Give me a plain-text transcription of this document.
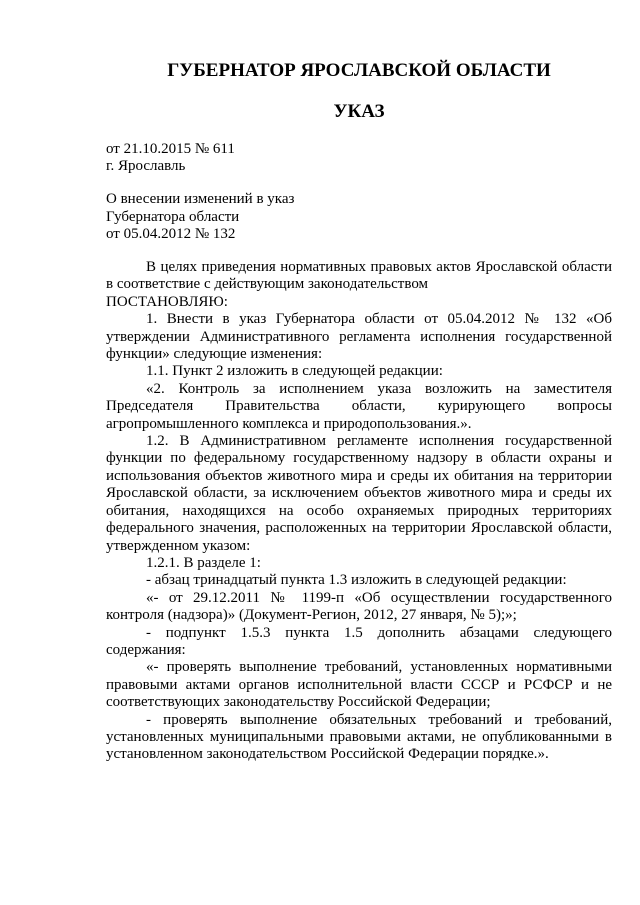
ГУБЕРНАТОР ЯРОСЛАВСКОЙ ОБЛАСТИ
УКАЗ

от 21.10.2015 № 611

г. Ярославль

О внесении изменений в указ
Губернатора области
от 05.04.2012 № 132

В целях приведения нормативных правовых актов Ярославской области в соответствие с действующим законодательством

ПОСТАНОВЛЯЮ:

1. Внести в указ Губернатора области от 05.04.2012 № 132 «Об утверждении Административного регламента исполнения государственной функции» следующие изменения:

1.1. Пункт 2 изложить в следующей редакции:

«2. Контроль за исполнением указа возложить на заместителя Председателя Правительства области, курирующего вопросы агропромышленного комплекса и природопользования.».

1.2. В Административном регламенте исполнения государственной функции по федеральному государственному надзору в области охраны и использования объектов животного мира и среды их обитания на территории Ярославской области, за исключением объектов животного мира и среды их обитания, находящихся на особо охраняемых природных территориях федерального значения, расположенных на территории Ярославской области, утвержденном указом:

1.2.1. В разделе 1:

- абзац тринадцатый пункта 1.3 изложить в следующей редакции:

«- от 29.12.2011 № 1199-п «Об осуществлении государственного контроля (надзора)» (Документ-Регион, 2012, 27 января, № 5);»;

- подпункт 1.5.3 пункта 1.5 дополнить абзацами следующего содержания:

«- проверять выполнение требований, установленных нормативными правовыми актами органов исполнительной власти СССР и РСФСР и не соответствующих законодательству Российской Федерации;

- проверять выполнение обязательных требований и требований, установленных муниципальными правовыми актами, не опубликованными в установленном законодательством Российской Федерации порядке.».
